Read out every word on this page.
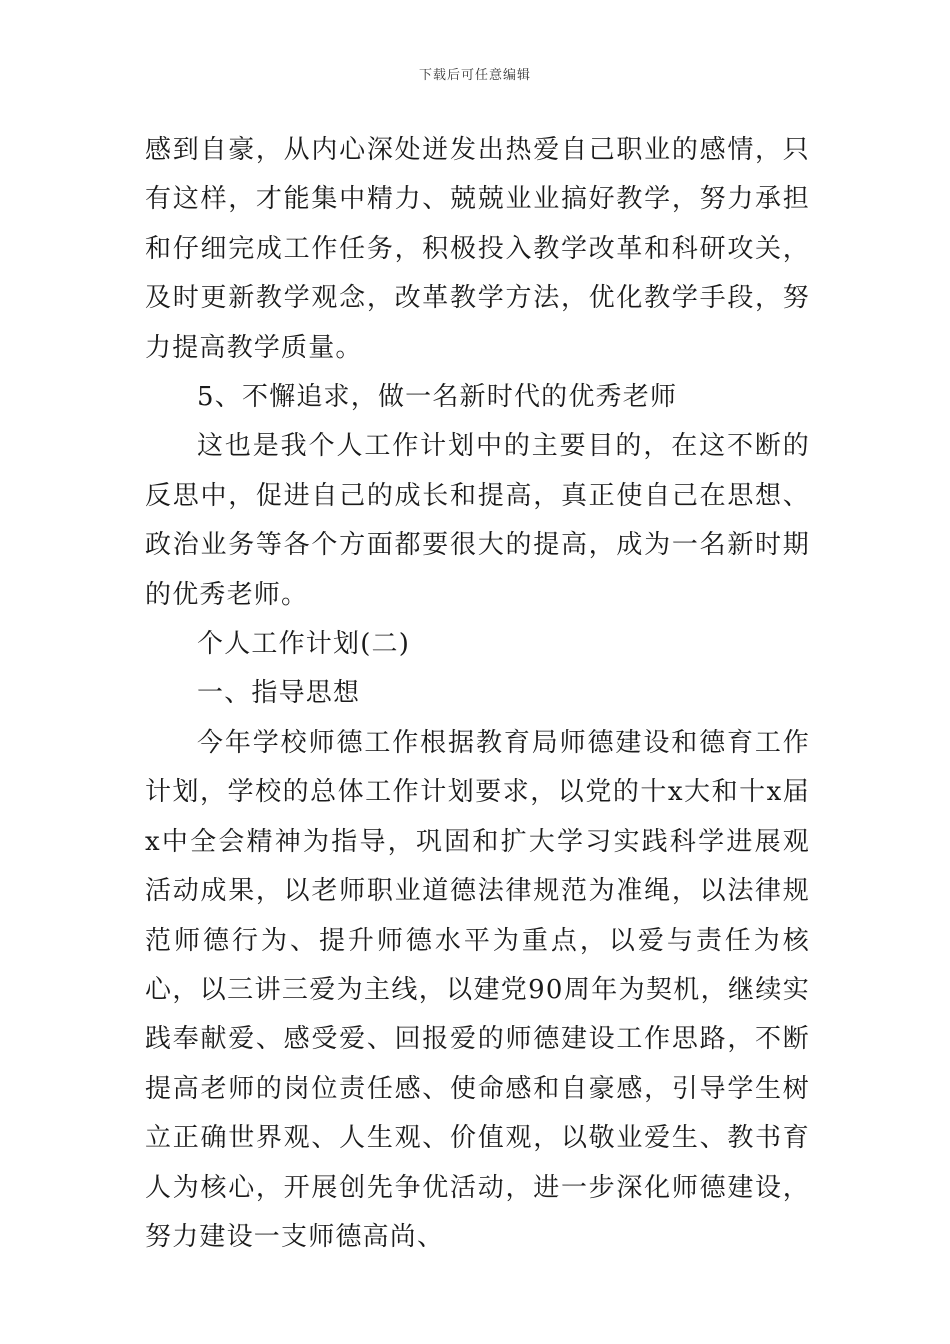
下载后可任意编辑

感到自豪，从内心深处迸发出热爱自己职业的感情，只有这样，才能集中精力、兢兢业业搞好教学，努力承担和仔细完成工作任务，积极投入教学改革和科研攻关，及时更新教学观念，改革教学方法，优化教学手段，努力提高教学质量。

5、不懈追求，做一名新时代的优秀老师

这也是我个人工作计划中的主要目的，在这不断的反思中，促进自己的成长和提高，真正使自己在思想、政治业务等各个方面都要很大的提高，成为一名新时期的优秀老师。

个人工作计划(二)

一、指导思想

今年学校师德工作根据教育局师德建设和德育工作计划，学校的总体工作计划要求，以党的十x大和十x届x中全会精神为指导，巩固和扩大学习实践科学进展观活动成果，以老师职业道德法律规范为准绳，以法律规范师德行为、提升师德水平为重点，以爱与责任为核心，以三讲三爱为主线，以建党90周年为契机，继续实践奉献爱、感受爱、回报爱的师德建设工作思路，不断提高老师的岗位责任感、使命感和自豪感，引导学生树立正确世界观、人生观、价值观，以敬业爱生、教书育人为核心，开展创先争优活动，进一步深化师德建设，努力建设一支师德高尚、
